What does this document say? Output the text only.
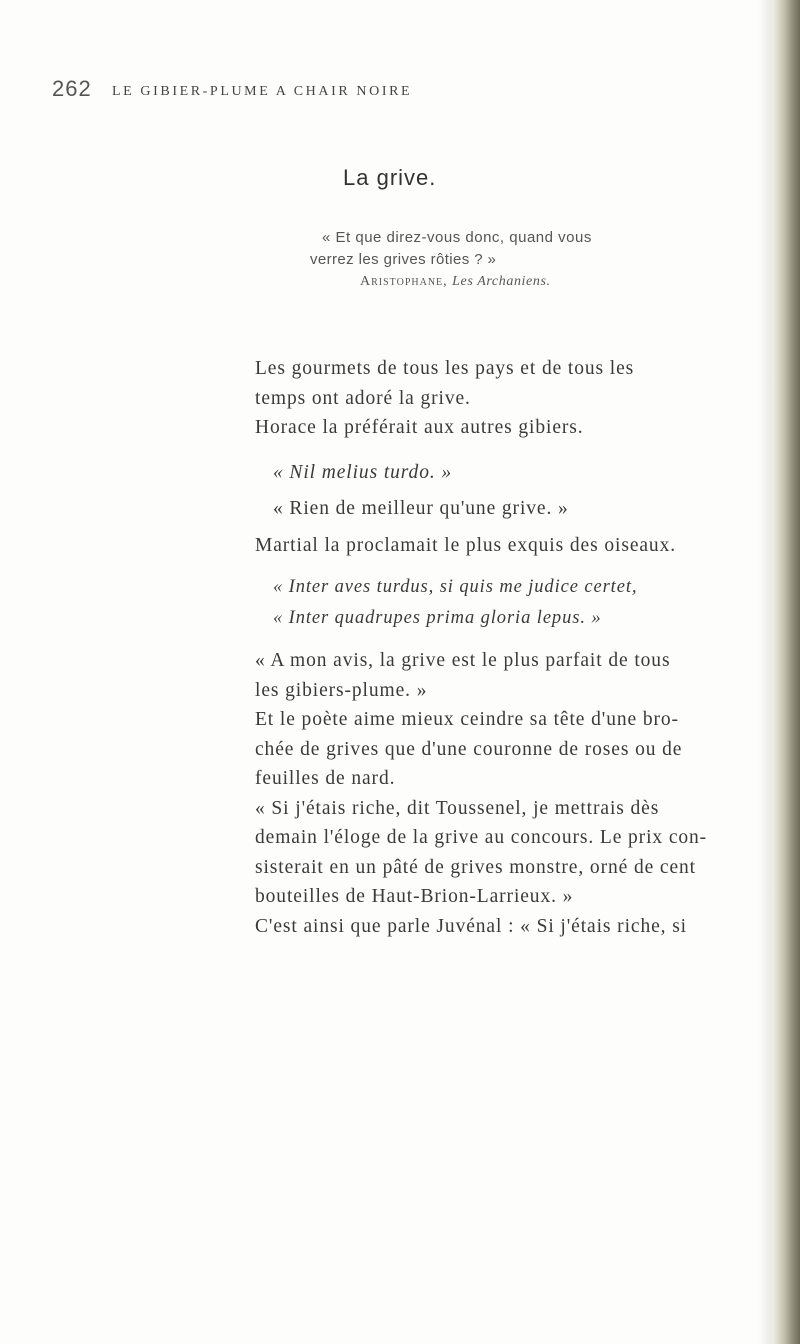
262 LE GIBIER-PLUME A CHAIR NOIRE
La grive.
« Et que direz-vous donc, quand vous
verrez les grives rôties ? »
Aristophane, Les Archaniens.
Les gourmets de tous les pays et de tous les
temps ont adoré la grive.
Horace la préférait aux autres gibiers.
« Nil melius turdo. »
« Rien de meilleur qu'une grive. »
Martial la proclamait le plus exquis des oiseaux.
« Inter aves turdus, si quis me judice certet,
« Inter quadrupes prima gloria lepus. »
« A mon avis, la grive est le plus parfait de tous
les gibiers-plume. »
Et le poète aime mieux ceindre sa tête d'une bro-
chée de grives que d'une couronne de roses ou de
feuilles de nard.
« Si j'étais riche, dit Toussenel, je mettrais dès
demain l'éloge de la grive au concours. Le prix con-
sisterait en un pâté de grives monstre, orné de cent
bouteilles de Haut-Brion-Larrieux. »
C'est ainsi que parle Juvénal : « Si j'étais riche, si
